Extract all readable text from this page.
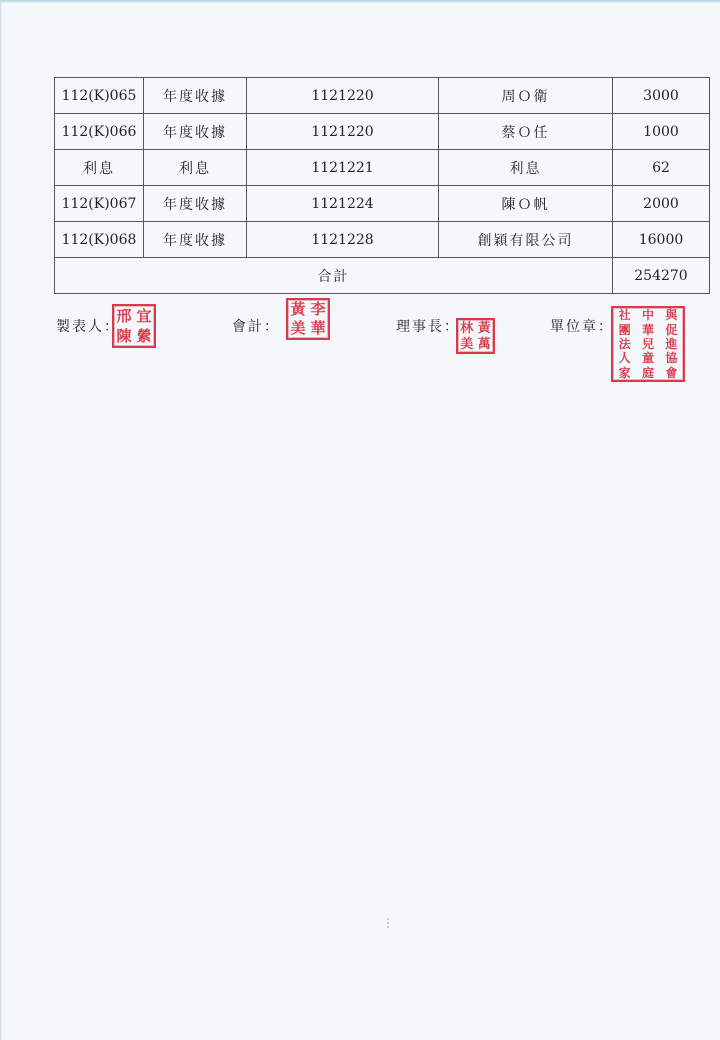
112(K)065	年度收據	1121220	周Ｏ衛	3000
112(K)066	年度收據	1121220	蔡Ｏ任	1000
利息	利息	1121221	利息	62
112(K)067	年度收據	1121224	陳Ｏ帆	2000
112(K)068	年度收據	1121228	創穎有限公司	16000
合計				254270
製表人：
邢 宜
陳 縈	會計：
黃 李
美 華	理事長： 林 黃
美 萬
單位章：
社 中 與
團 華 促
法 兒 進
人 童 協
家 庭 會
